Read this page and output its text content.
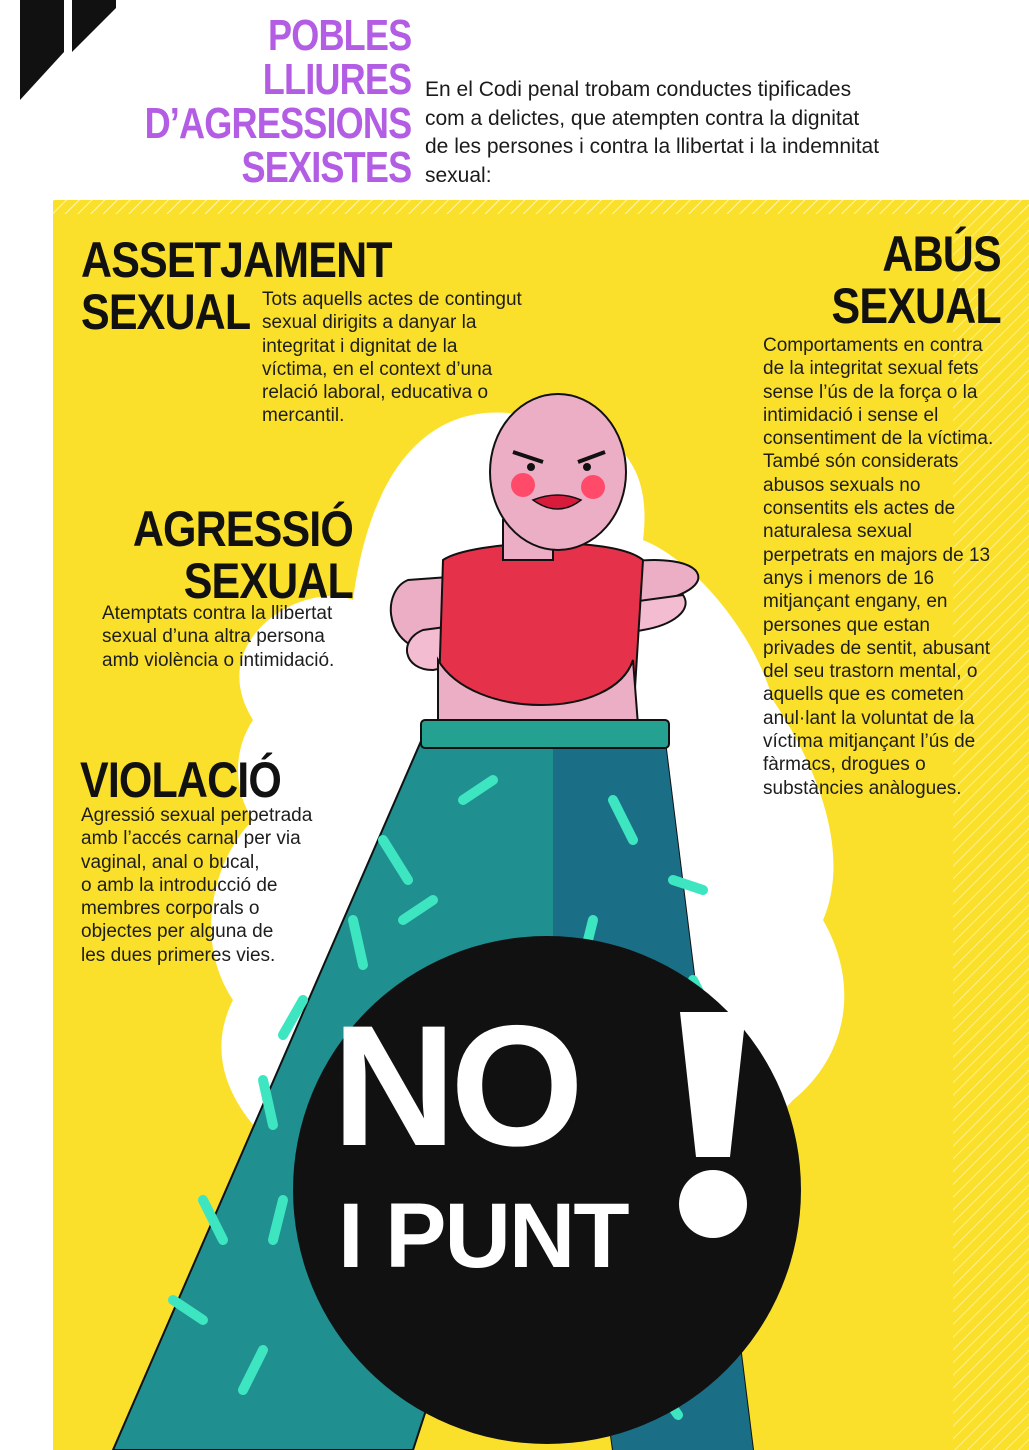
POBLES
LLIURES
D’AGRESSIONS
SEXISTES
En el Codi penal trobam conductes tipificades
com a delictes, que atempten contra la dignitat
de les persones i contra la llibertat i la indemnitat
sexual:
ASSETJAMENT
SEXUAL Tots aquells actes de contingut
sexual dirigits a danyar la
integritat i dignitat de la
víctima, en el context d’una
relació laboral, educativa o
mercantil.
AGRESSIÓ
SEXUAL
Atemptats contra la llibertat
sexual d’una altra persona
amb violència o intimidació.
VIOLACIÓ
Agressió sexual perpetrada
amb l’accés carnal per via
vaginal, anal o bucal,
o amb la introducció de
membres corporals o
objectes per alguna de
les dues primeres vies.
ABÚS
SEXUAL
Comportaments en contra
de la integritat sexual fets
sense l’ús de la força o la
intimidació i sense el
consentiment de la víctima.
També són considerats
abusos sexuals no
consentits els actes de
naturalesa sexual
perpetrats en majors de 13
anys i menors de 16
mitjançant engany, en
persones que estan
privades de sentit, abusant
del seu trastorn mental, o
aquells que es cometen
anul·lant la voluntat de la
víctima mitjançant l’ús de
fàrmacs, drogues o
substàncies anàlogues.
NO
I PUNT
